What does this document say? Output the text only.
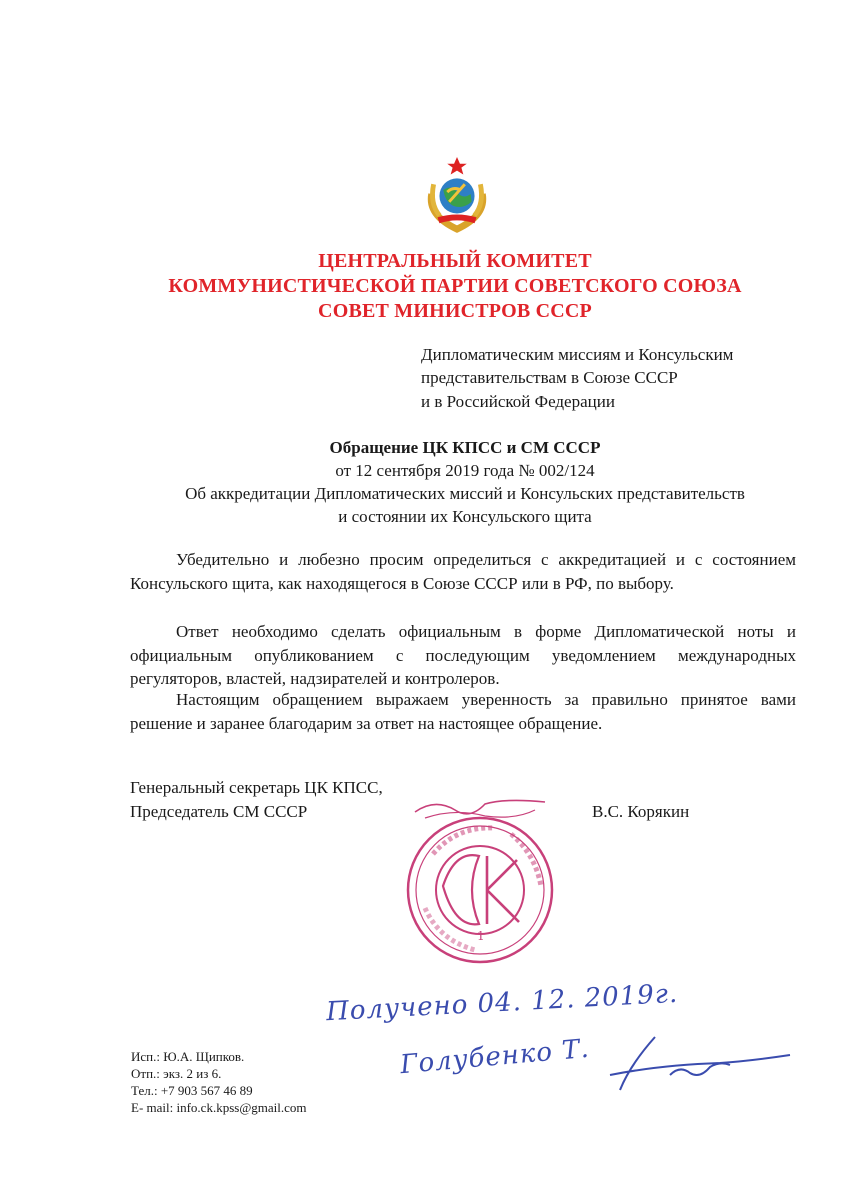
ЦЕНТРАЛЬНЫЙ КОМИТЕТ
КОММУНИСТИЧЕСКОЙ ПАРТИИ СОВЕТСКОГО СОЮЗА
СОВЕТ МИНИСТРОВ СССР
Дипломатическим миссиям и Консульским
представительствам в Союзе СССР
и в Российской Федерации
Обращение ЦК КПСС и СМ СССР
от 12 сентября 2019 года № 002/124
Об аккредитации Дипломатических миссий и Консульских представительств
и состоянии их Консульского щита

Убедительно и любезно просим определиться с аккредитацией и с состоянием Консульского щита, как находящегося в Союзе СССР или в РФ, по выбору.

Ответ необходимо сделать официальным в форме Дипломатической ноты и официальным опубликованием с последующим уведомлением международных регуляторов, властей, надзирателей и контролеров.

Настоящим обращением выражаем уверенность за правильно принятое вами решение и заранее благодарим за ответ на настоящее обращение.

Генеральный секретарь ЦК КПСС,
Председатель СМ СССР	В.С. Корякин
1
Получено 04. 12. 2019г.
Голубенко Т.
Исп.: Ю.А. Щипков.
Отп.: экз. 2 из 6.
Тел.: +7 903 567 46 89
E- mail: info.ck.kpss@gmail.com
